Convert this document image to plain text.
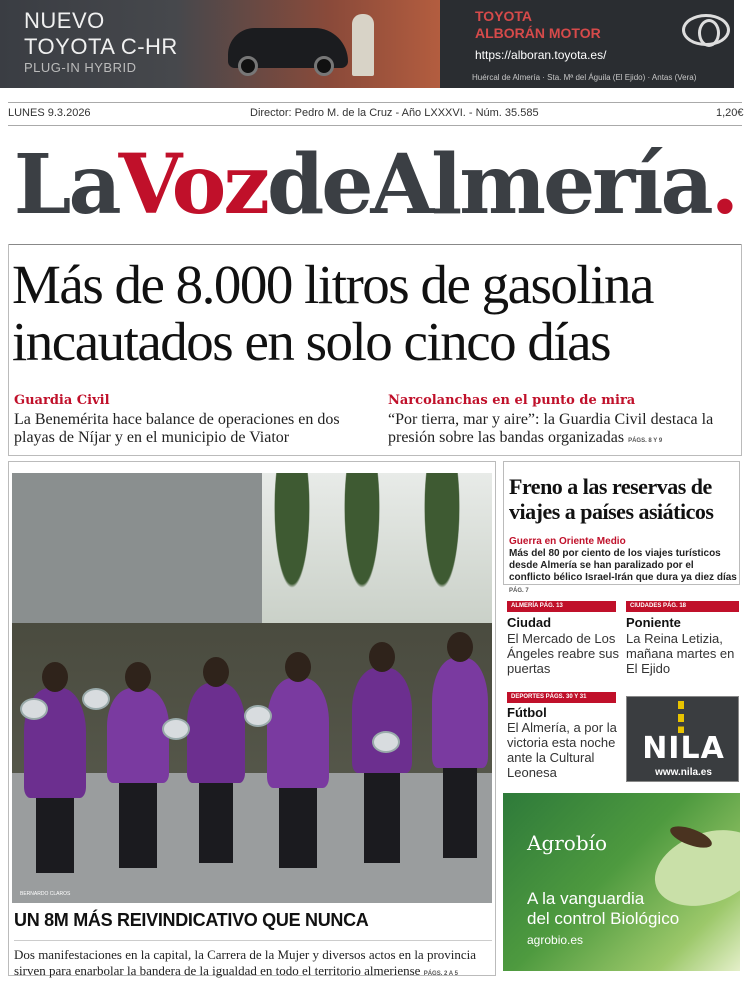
NUEVO
TOYOTA C-HR
PLUG-IN HYBRID
TOYOTA
ALBORÁN MOTOR
https://alboran.toyota.es/
Huércal de Almería · Sta. Mª del Águila (El Ejido) · Antas (Vera)
LUNES 9.3.2026	Director: Pedro M. de la Cruz - Año LXXXVI. - Núm. 35.585	1,20€
LaVozdeAlmería.
Más de 8.000 litros de gasolina
incautados en solo cinco días
Guardia Civil
La Benemérita hace balance de operaciones en dos playas de Níjar y en el municipio de Viator
Narcolanchas en el punto de mira
“Por tierra, mar y aire”: la Guardia Civil destaca la presión sobre las bandas organizadas PÁGS. 8 Y 9
BERNARDO CLAROS
UN 8M MÁS REIVINDICATIVO QUE NUNCA
Dos manifestaciones en la capital, la Carrera de la Mujer y diversos actos en la provincia sirven para enarbolar la bandera de la igualdad en todo el territorio almeriense PÁGS. 2 A 5
Freno a las reservas de viajes a países asiáticos
Guerra en Oriente Medio
Más del 80 por ciento de los viajes turísticos desde Almería se han paralizado por el conflicto bélico Israel-Irán que dura ya diez días PÁG. 7
ALMERÍA PÁG. 13
Ciudad
El Mercado de Los Ángeles reabre sus puertas
CIUDADES PÁG. 18
Poniente
La Reina Letizia, mañana martes en El Ejido
DEPORTES PÁGS. 30 Y 31
Fútbol
El Almería, a por la victoria esta noche ante la Cultural Leonesa
NILA
www.nila.es
Agrobío
A la vanguardia
del control Biológico
agrobio.es
